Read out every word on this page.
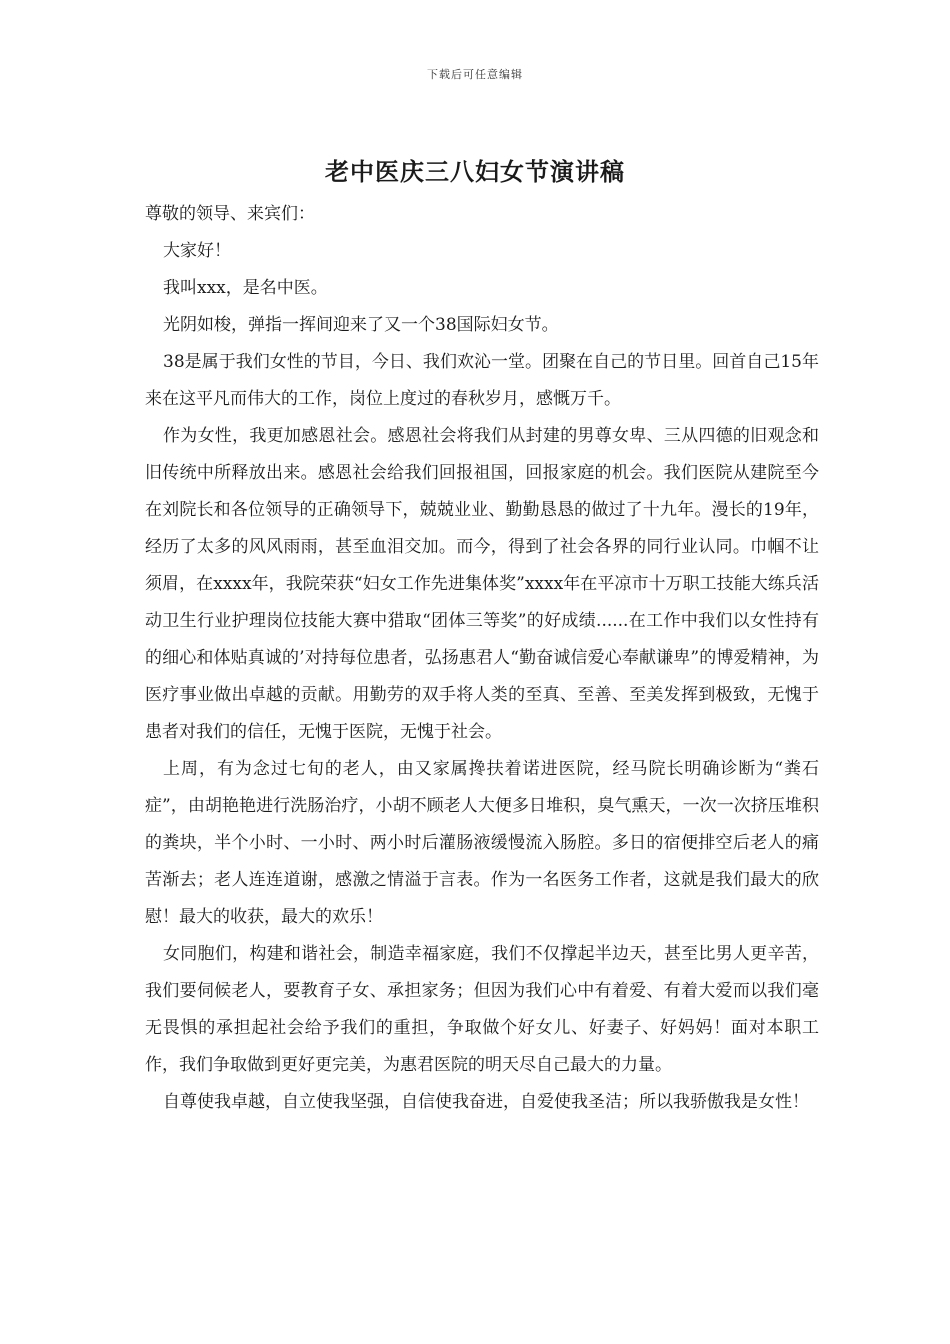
下载后可任意编辑
老中医庆三八妇女节演讲稿

尊敬的领导、来宾们：

大家好！

我叫xxx，是名中医。

光阴如梭，弹指一挥间迎来了又一个38国际妇女节。

38是属于我们女性的节目，今日、我们欢沁一堂。团聚在自己的节日里。回首自己15年来在这平凡而伟大的工作，岗位上度过的春秋岁月，感慨万千。

作为女性，我更加感恩社会。感恩社会将我们从封建的男尊女卑、三从四德的旧观念和旧传统中所释放出来。感恩社会给我们回报祖国，回报家庭的机会。我们医院从建院至今在刘院长和各位领导的正确领导下，兢兢业业、勤勤恳恳的做过了十九年。漫长的19年，经历了太多的风风雨雨，甚至血泪交加。而今，得到了社会各界的同行业认同。巾帼不让须眉，在xxxx年，我院荣获“妇女工作先进集体奖”xxxx年在平凉市十万职工技能大练兵活动卫生行业护理岗位技能大赛中猎取“团体三等奖”的好成绩......在工作中我们以女性持有的细心和体贴真诚的’对持每位患者，弘扬惠君人“勤奋诚信爱心奉献谦卑”的博爱精神，为医疗事业做出卓越的贡献。用勤劳的双手将人类的至真、至善、至美发挥到极致，无愧于患者对我们的信任，无愧于医院，无愧于社会。

上周，有为念过七旬的老人，由又家属搀扶着诺进医院，经马院长明确诊断为“粪石症”，由胡艳艳进行洗肠治疗，小胡不顾老人大便多日堆积，臭气熏天，一次一次挤压堆积的粪块，半个小时、一小时、两小时后灌肠液缓慢流入肠腔。多日的宿便排空后老人的痛苦渐去；老人连连道谢，感激之情溢于言表。作为一名医务工作者，这就是我们最大的欣慰！最大的收获，最大的欢乐！

女同胞们，构建和谐社会，制造幸福家庭，我们不仅撑起半边天，甚至比男人更辛苦，我们要伺候老人，要教育子女、承担家务；但因为我们心中有着爱、有着大爱而以我们毫无畏惧的承担起社会给予我们的重担，争取做个好女儿、好妻子、好妈妈！面对本职工作，我们争取做到更好更完美，为惠君医院的明天尽自己最大的力量。

自尊使我卓越，自立使我坚强，自信使我奋进，自爱使我圣洁；所以我骄傲我是女性！
